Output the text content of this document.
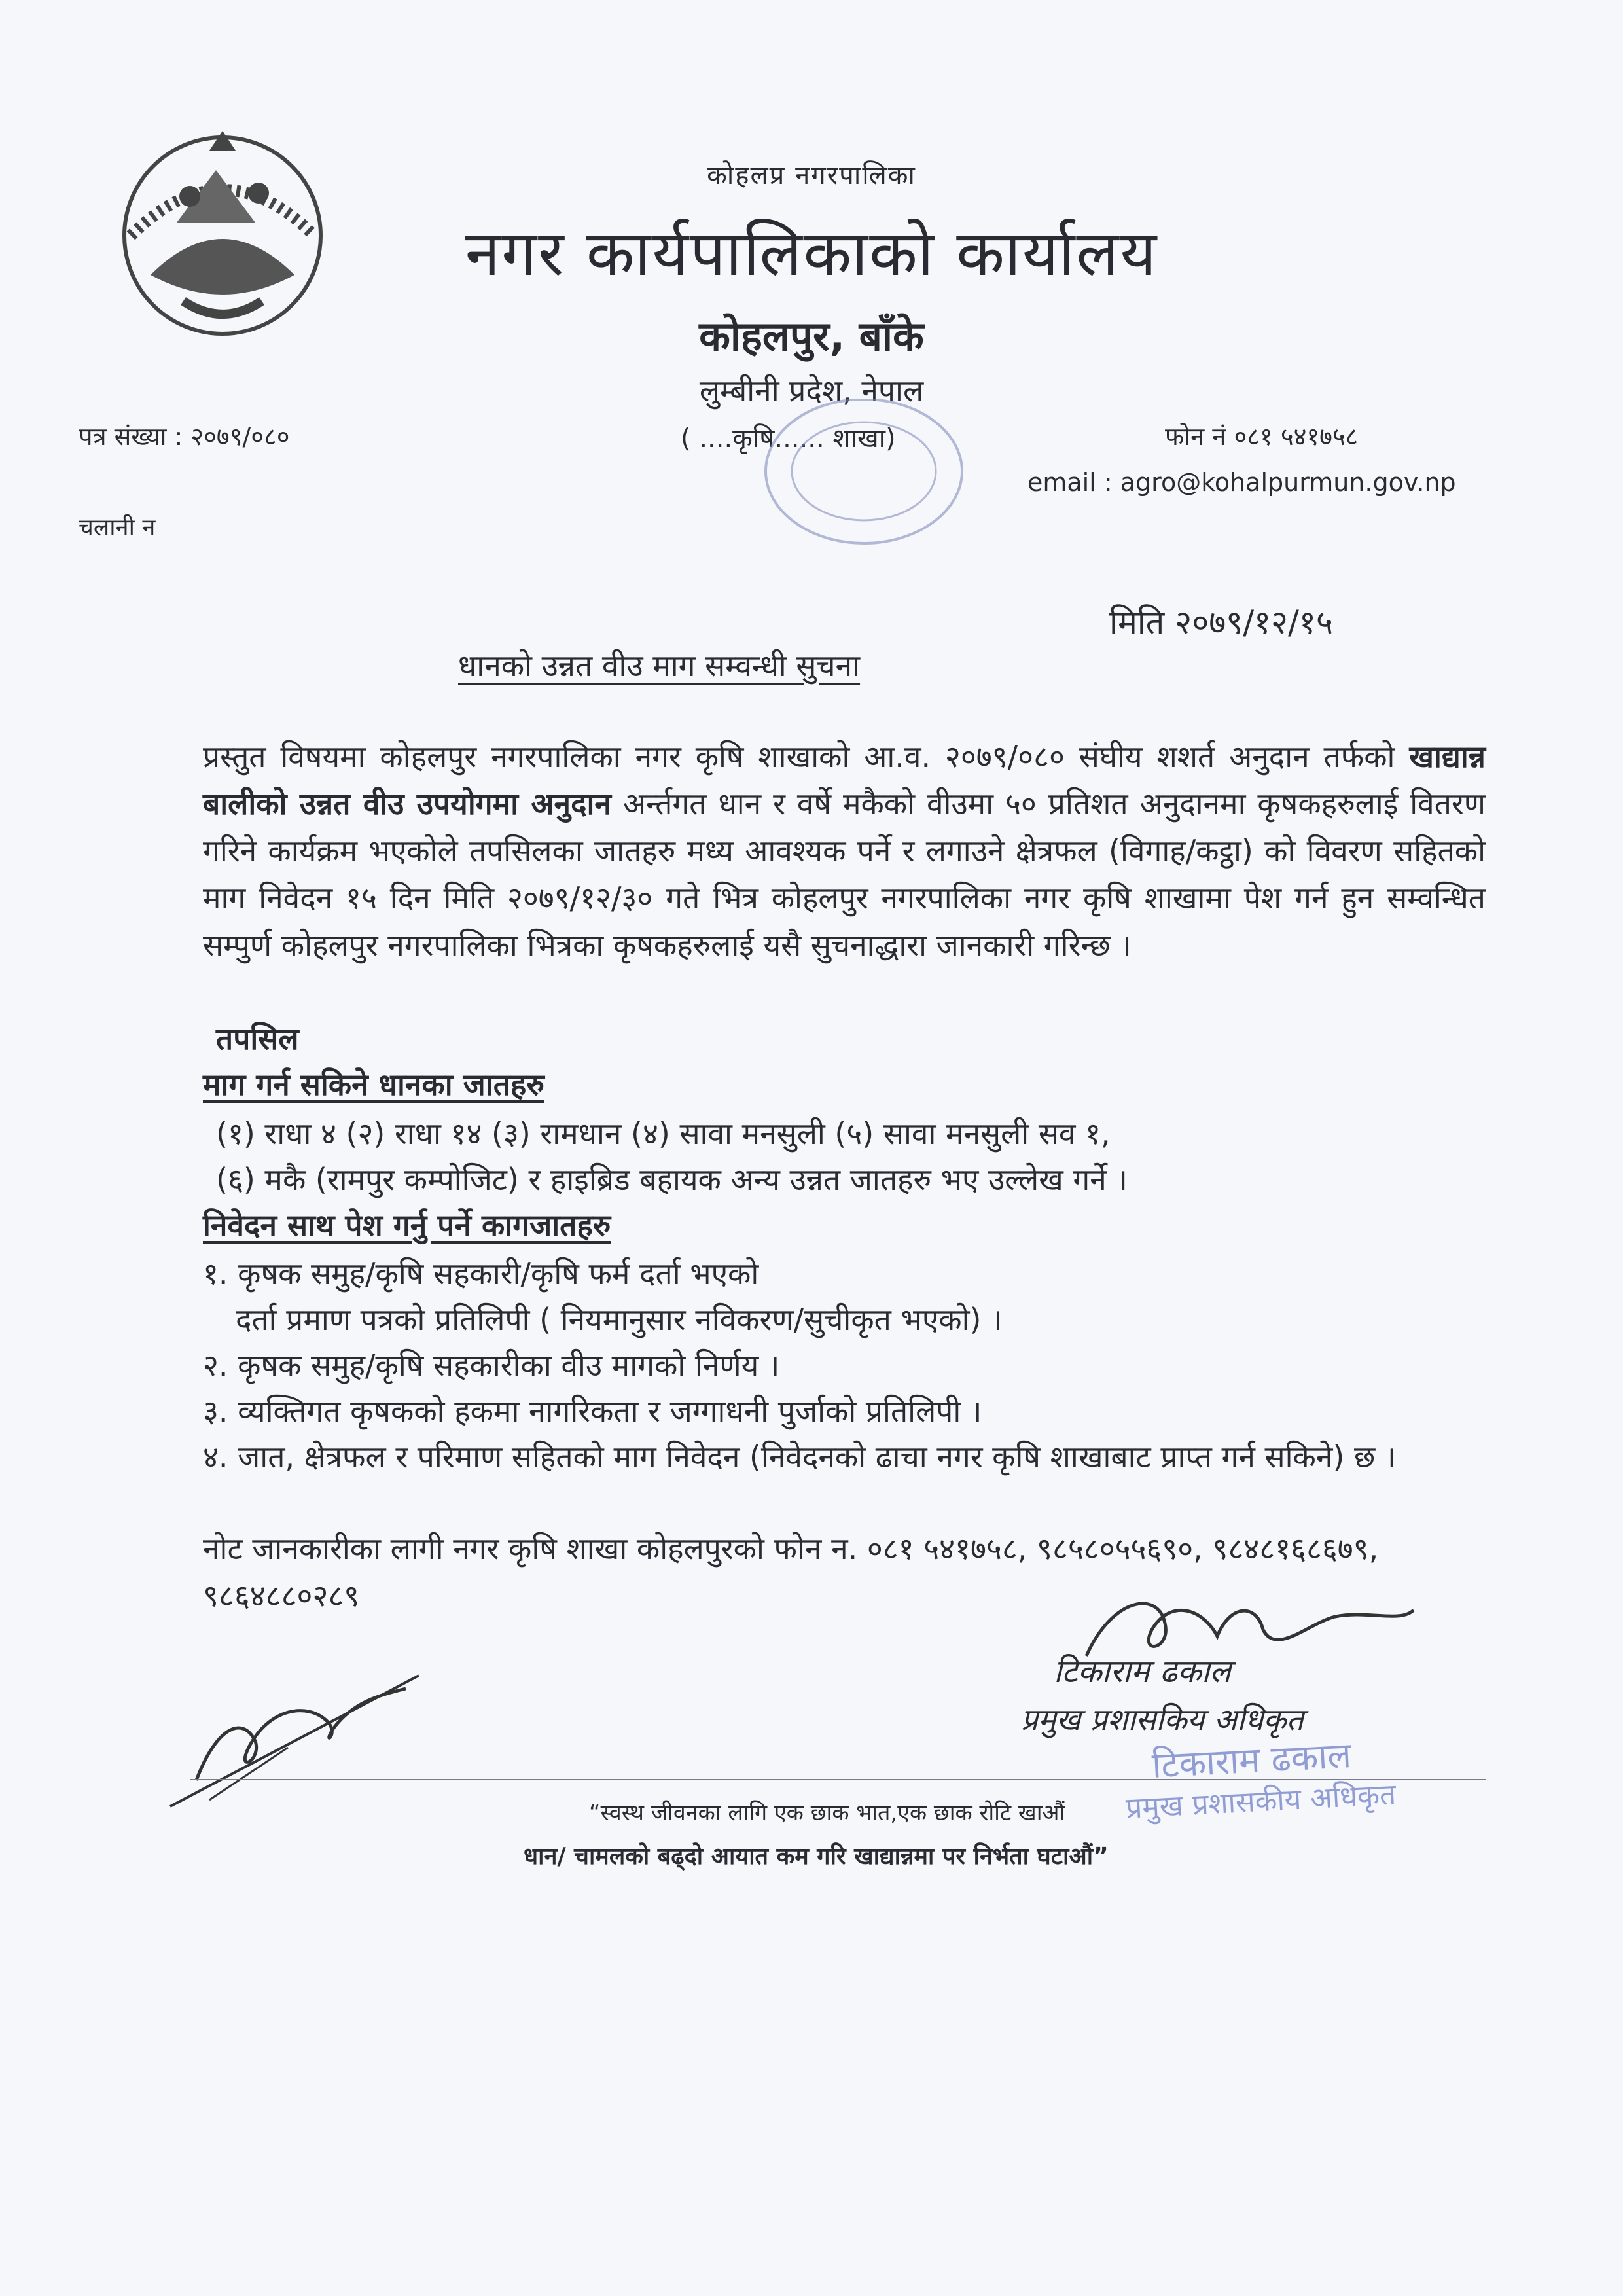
कोहलप्र नगरपालिका
नगर कार्यपालिकाको कार्यालय
कोहलपुर, बाँके
लुम्बीनी प्रदेश, नेपाल
पत्र संख्या : २०७९/०८०
चलानी न
( ....कृषि...... शाखा)	फोन नं ०८१ ५४१७५८
email : agro@kohalpurmun.gov.np
मिति २०७९/१२/१५
धानको उन्नत वीउ माग सम्वन्धी सुचना
प्रस्तुत विषयमा कोहलपुर नगरपालिका नगर कृषि शाखाको आ.व. २०७९/०८० संघीय शशर्त अनुदान तर्फको खाद्यान्न बालीको उन्नत वीउ उपयोगमा अनुदान अर्न्तगत धान र वर्षे मकैको वीउमा ५० प्रतिशत अनुदानमा कृषकहरुलाई वितरण गरिने कार्यक्रम भएकोले तपसिलका जातहरु मध्य आवश्यक पर्ने र लगाउने क्षेत्रफल (विगाह/कट्ठा) को विवरण सहितको माग निवेदन १५ दिन मिति २०७९/१२/३० गते भित्र कोहलपुर नगरपालिका नगर कृषि शाखामा पेश गर्न हुन सम्वन्धित सम्पुर्ण कोहलपुर नगरपालिका भित्रका कृषकहरुलाई यसै सुचनाद्धारा जानकारी गरिन्छ ।
तपसिल
माग गर्न सकिने धानका जातहरु
(१) राधा ४ (२) राधा १४ (३) रामधान (४) सावा मनसुली (५) सावा मनसुली सव १,
(६) मकै (रामपुर कम्पोजिट) र हाइब्रिड बहायक अन्य उन्नत जातहरु भए उल्लेख गर्ने ।
निवेदन साथ पेश गर्नु पर्ने कागजातहरु
१. कृषक समुह/कृषि सहकारी/कृषि फर्म दर्ता भएको
दर्ता प्रमाण पत्रको प्रतिलिपी ( नियमानुसार नविकरण/सुचीकृत भएको) ।
२. कृषक समुह/कृषि सहकारीका वीउ मागको निर्णय ।
३. व्यक्तिगत कृषकको हकमा नागरिकता र जग्गाधनी पुर्जाको प्रतिलिपी ।
४. जात, क्षेत्रफल र परिमाण सहितको माग निवेदन (निवेदनको ढाचा नगर कृषि शाखाबाट प्राप्त गर्न सकिने) छ ।
नोट जानकारीका लागी नगर कृषि शाखा कोहलपुरको फोन न. ०८१ ५४१७५८, ९८५८०५५६९०, ९८४८१६८६७९, ९८६४८८०२८९
टिकाराम ढकाल
प्रमुख प्रशासकिय अधिकृत
टिकाराम ढकाल
प्रमुख प्रशासकीय अधिकृत
“स्वस्थ जीवनका लागि एक छाक भात,एक छाक रोटि खाऔं
धान/ चामलको बढ्दो आयात कम गरि खाद्यान्नमा पर निर्भता घटाऔं”
